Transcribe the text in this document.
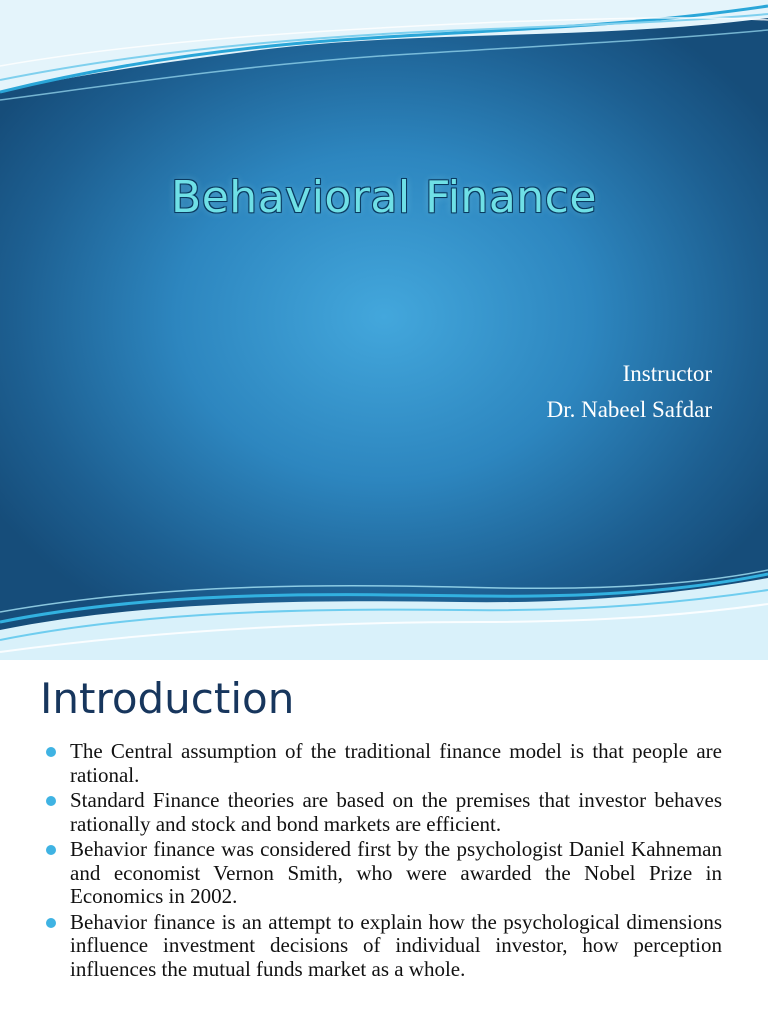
Behavioral Finance
Instructor
Dr. Nabeel Safdar
Introduction
The Central assumption of the traditional finance model is that people are rational.
Standard Finance theories are based on the premises that investor behaves rationally and stock and bond markets are efficient.
Behavior finance was considered first by the psychologist Daniel Kahneman and economist Vernon Smith, who were awarded the Nobel Prize in Economics in 2002.
Behavior finance is an attempt to explain how the psychological dimensions influence investment decisions of individual investor, how perception influences the mutual funds market as a whole.
